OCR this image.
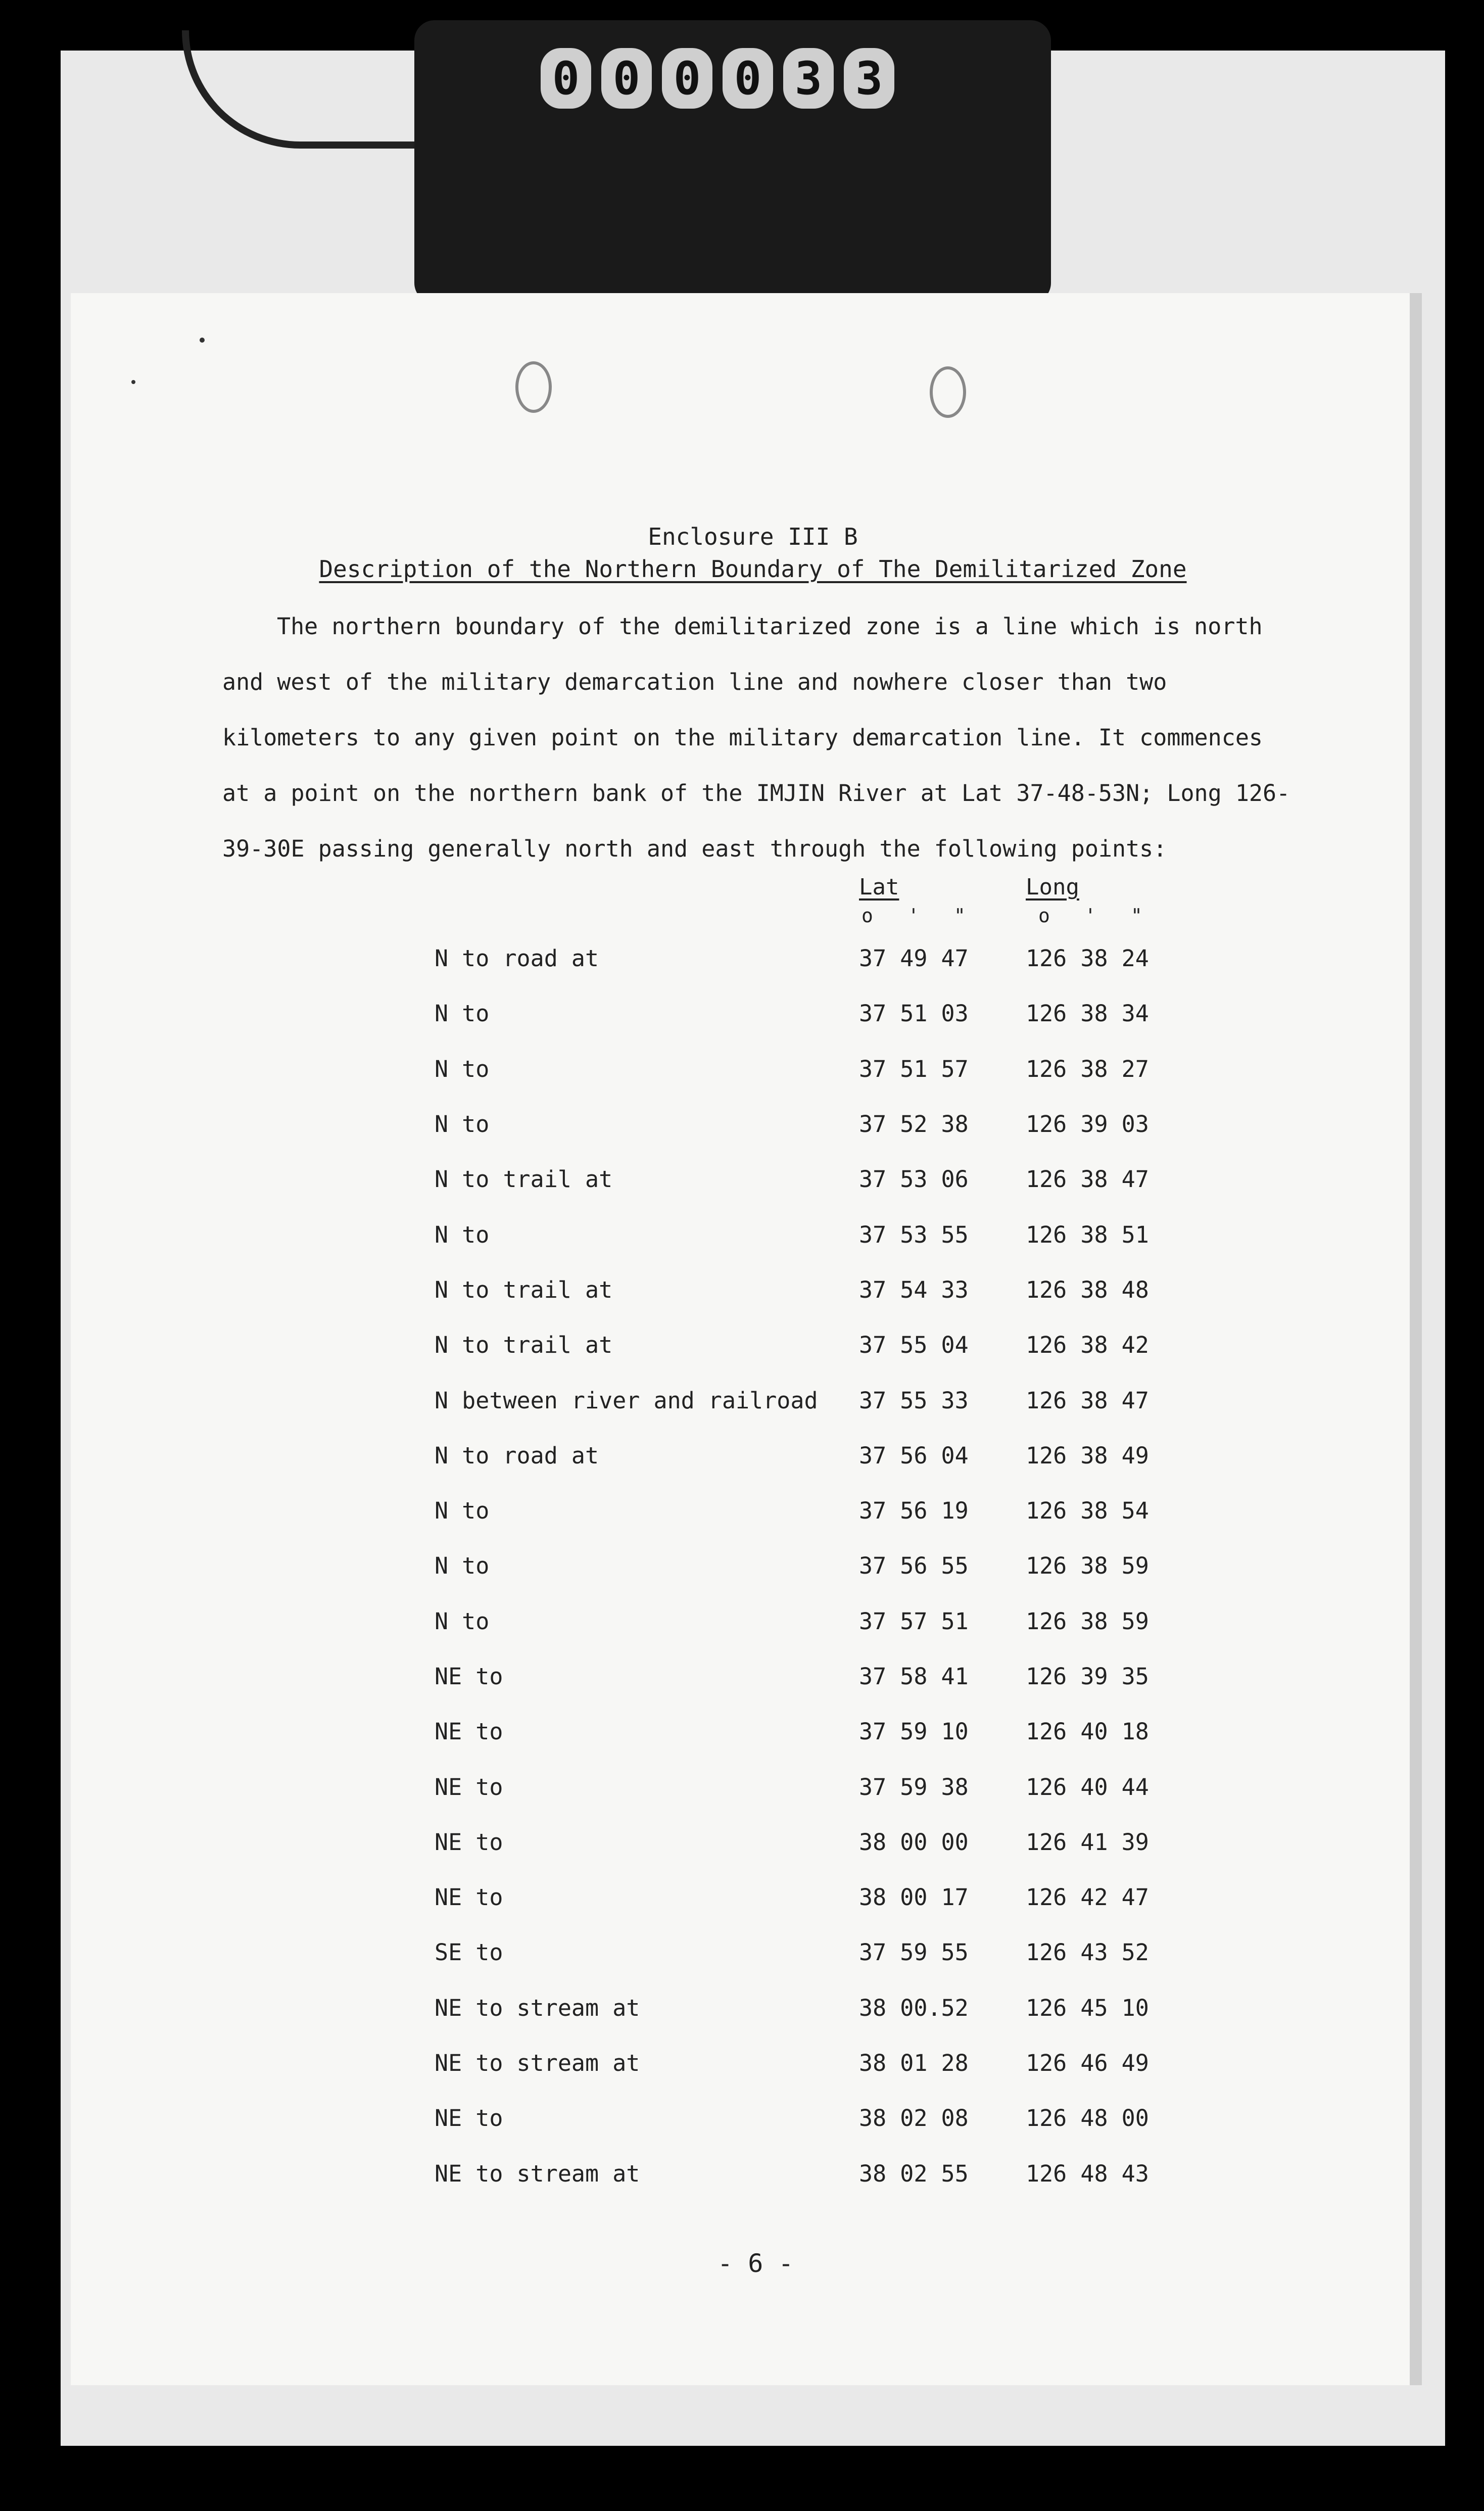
0 0 0 0 3 3
Enclosure III B
Description of the Northern Boundary of The Demilitarized Zone

The northern boundary of the demilitarized zone is a line which is north and west of the military demarcation line and nowhere closer than two kilometers to any given point on the military demarcation line. It commences at a point on the northern bank of the IMJIN River at Lat 37-48-53N; Long 126-39-30E passing generally north and east through the following points:

Lat	Long
o   '   "	o   '   "
N to road at	37 49 47	126 38 24
N to	37 51 03	126 38 34
N to	37 51 57	126 38 27
N to	37 52 38	126 39 03
N to trail at	37 53 06	126 38 47
N to	37 53 55	126 38 51
N to trail at	37 54 33	126 38 48
N to trail at	37 55 04	126 38 42
N between river and railroad	37 55 33	126 38 47
N to road at	37 56 04	126 38 49
N to	37 56 19	126 38 54
N to	37 56 55	126 38 59
N to	37 57 51	126 38 59
NE to	37 58 41	126 39 35
NE to	37 59 10	126 40 18
NE to	37 59 38	126 40 44
NE to	38 00 00	126 41 39
NE to	38 00 17	126 42 47
SE to	37 59 55	126 43 52
NE to stream at	38 00.52	126 45 10
NE to stream at	38 01 28	126 46 49
NE to	38 02 08	126 48 00
NE to stream at	38 02 55	126 48 43
- 6 -
